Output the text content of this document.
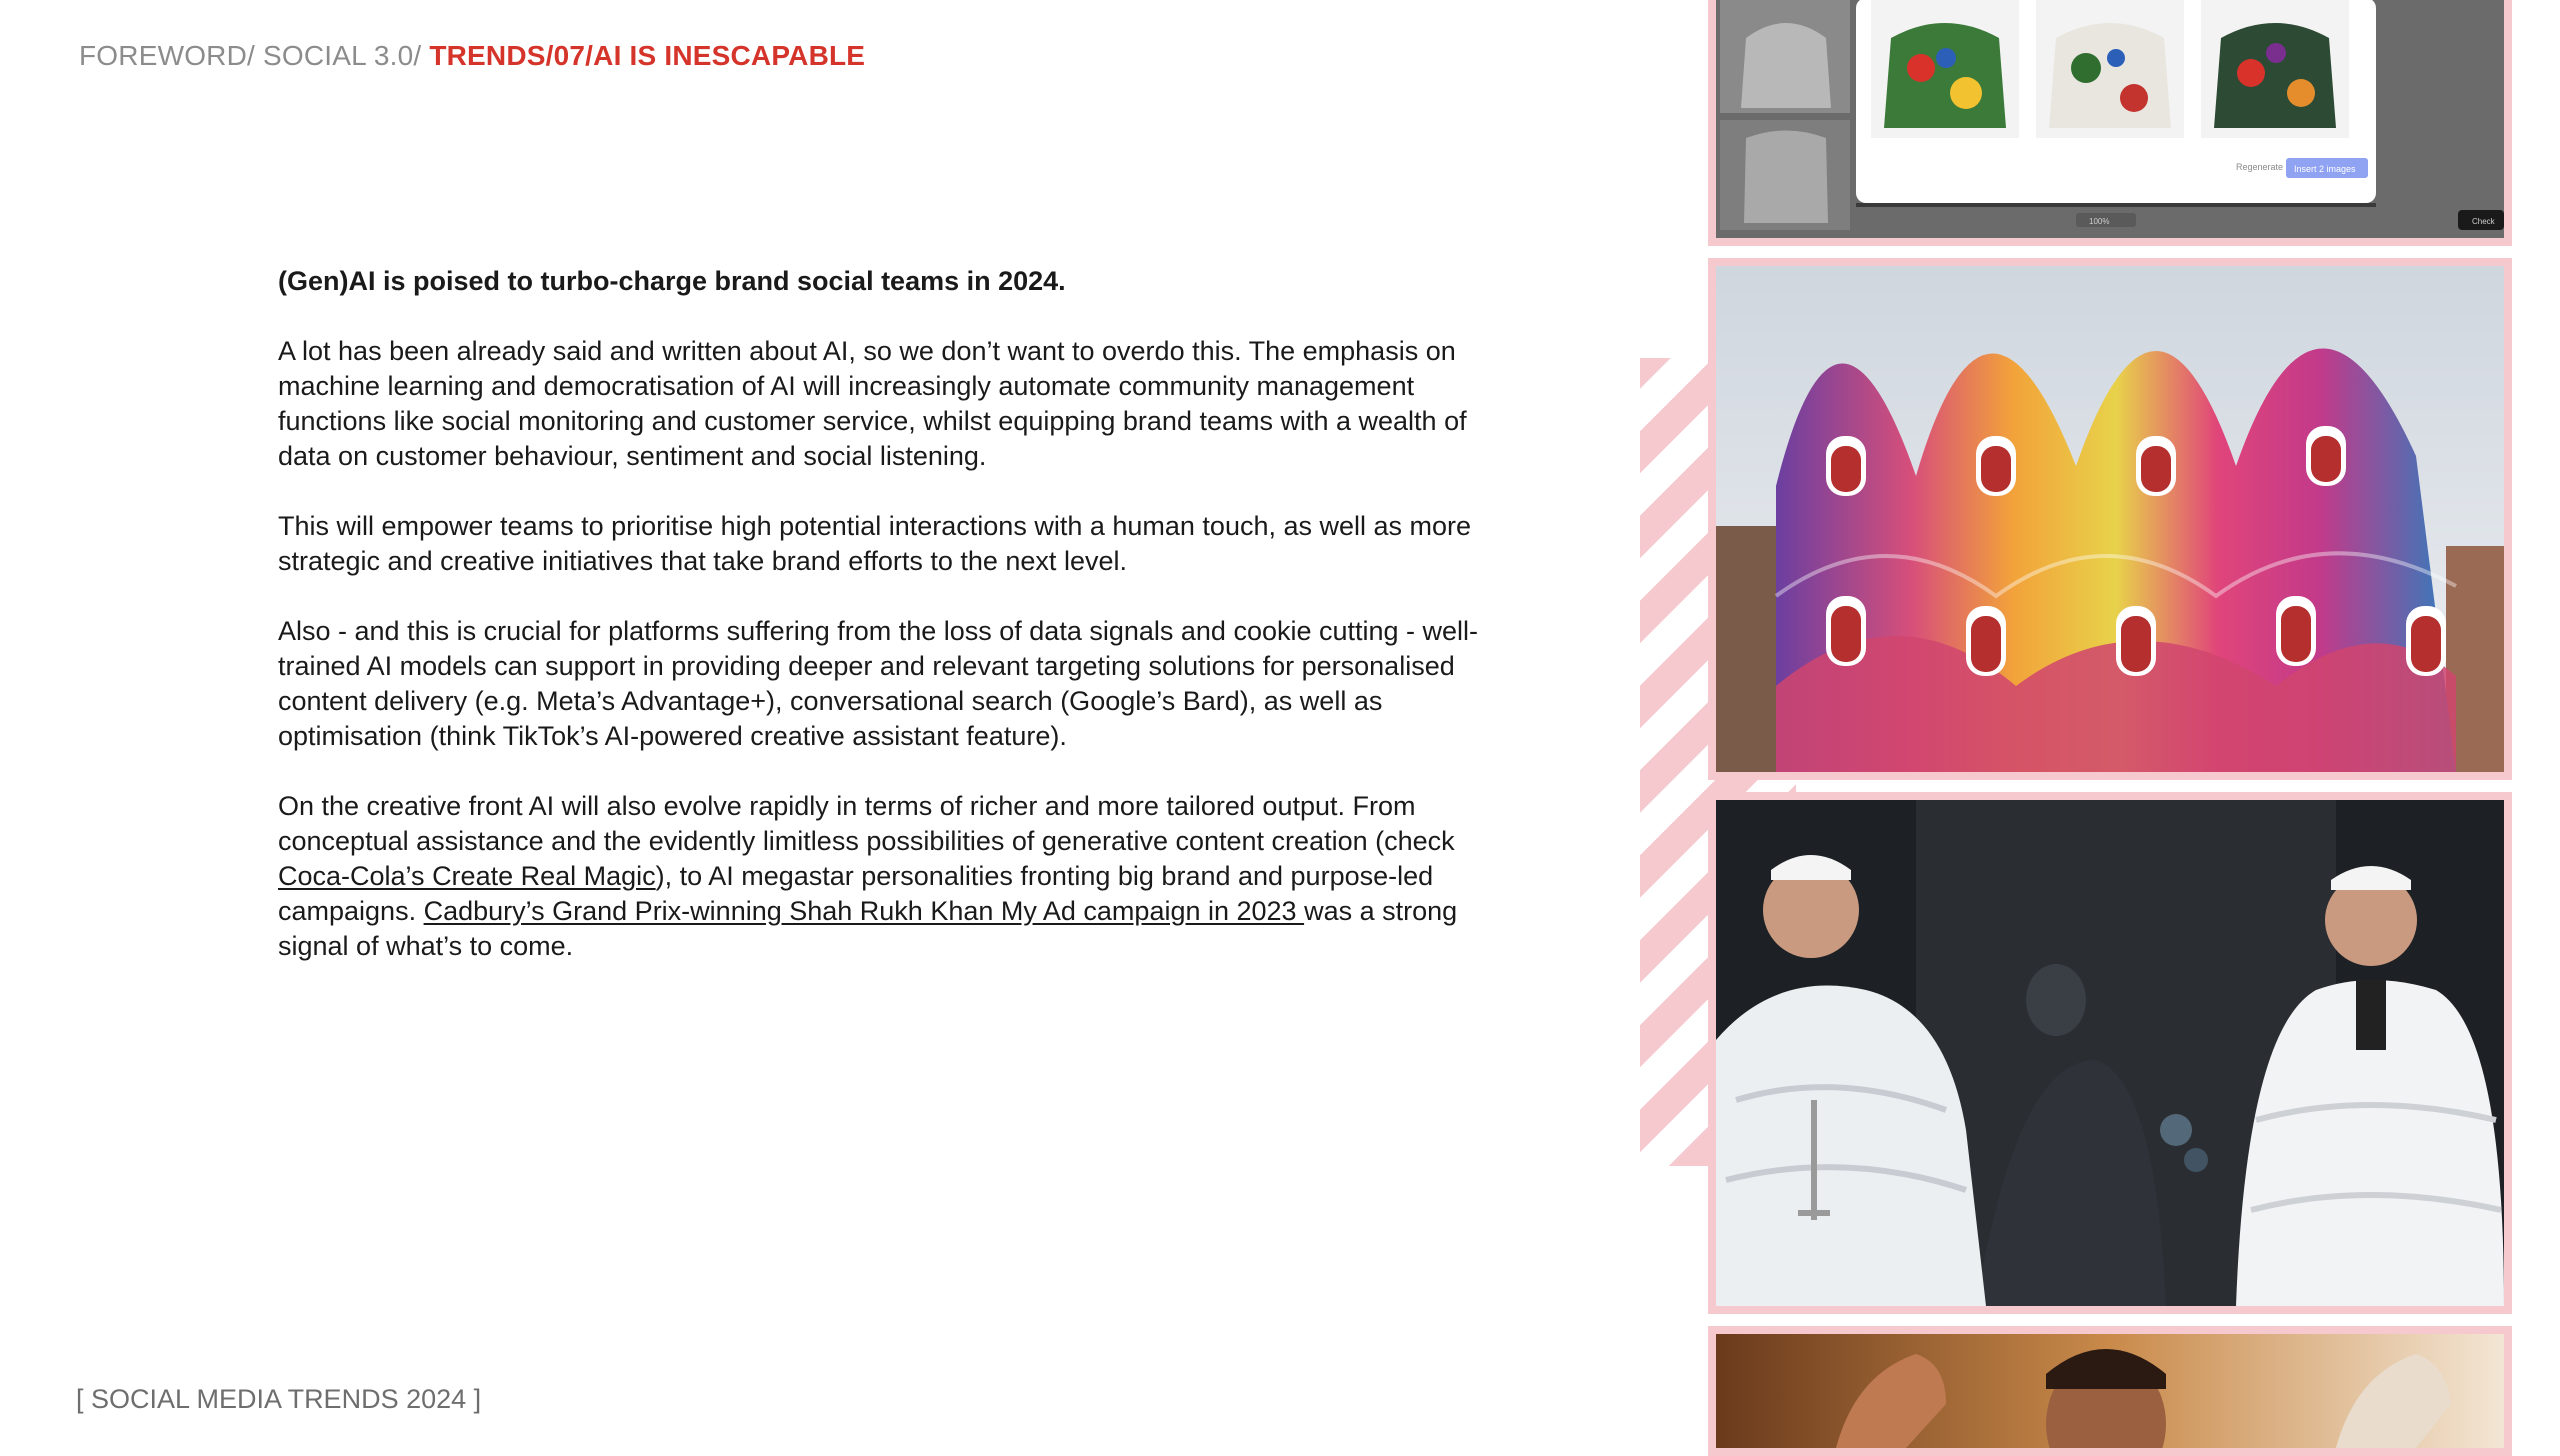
FOREWORD/ SOCIAL 3.0/ TRENDS/07/AI IS INESCAPABLE

(Gen)AI is poised to turbo-charge brand social teams in 2024.

A lot has been already said and written about AI, so we don’t want to overdo this. The emphasis on machine learning and democratisation of AI will increasingly automate community management functions like social monitoring and customer service, whilst equipping brand teams with a wealth of data on customer behaviour, sentiment and social listening.

This will empower teams to prioritise high potential interactions with a human touch, as well as more strategic and creative initiatives that take brand efforts to the next level.

Also - and this is crucial for platforms suffering from the loss of data signals and cookie cutting - well-trained AI models can support in providing deeper and relevant targeting solutions for personalised content delivery (e.g. Meta’s Advantage+), conversational search (Google’s Bard), as well as optimisation (think TikTok’s AI-powered creative assistant feature).

On the creative front AI will also evolve rapidly in terms of richer and more tailored output. From conceptual assistance and the evidently limitless possibilities of generative content creation (check Coca-Cola’s Create Real Magic), to AI megastar personalities fronting big brand and purpose-led campaigns. Cadbury’s Grand Prix-winning Shah Rukh Khan My Ad campaign in 2023 was a strong signal of what’s to come.

Regenerate Insert 2 images
100%	Check
[ SOCIAL MEDIA TRENDS 2024 ]
